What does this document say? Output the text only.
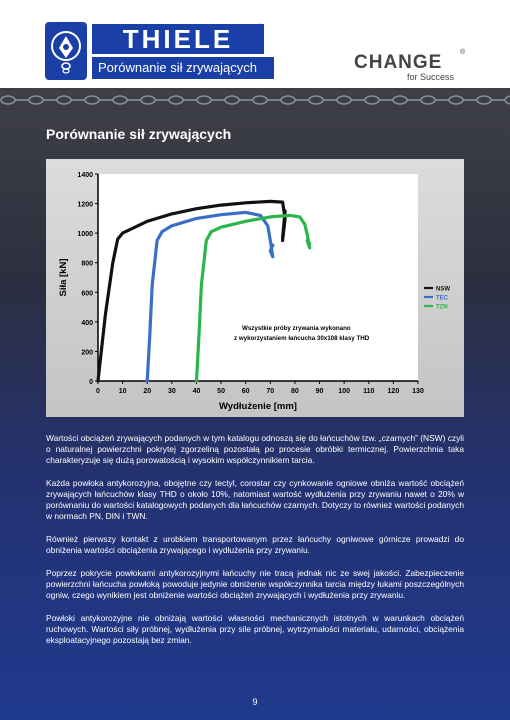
THIELE	®
Porównanie sił zrywających	CHANGE	®
for Success
Porównanie sił zrywających
0
200
400
600
800
1000
1200
1400
0	10 20 30 40 50 60 70 80 90 100 110 120 130
Wydłużenie [mm]
Siła [kN]	NSW
TEC
TZN
Wszystkie próby zrywania wykonano
z wykorzystaniem łańcucha 30x108 klasy THD

Wartości obciążeń zrywających podanych w tym katalogu odnoszą się do łańcuchów tzw. „czarnych” (NSW) czyli o naturalnej powierzchni pokrytej zgorzeliną pozostałą po procesie obróbki termicznej. Powierzchnia taka charakteryzuje się dużą porowatością i wysokim współczynnikiem tarcia.

Każda powłoka antykorozyjna, obojętne czy tectyl, corostar czy cynkowanie ogniowe obniża wartość obciążeń zrywających łańcuchów klasy THD o około 10%, natomiast wartość wydłużenia przy zrywaniu nawet o 20% w porównaniu do wartości katalogowych podanych dla łańcuchów czarnych. Dotyczy to również wartości podanych w normach PN, DIN i TWN.

Również pierwszy kontakt z urobkiem transportowanym przez łańcuchy ogniwowe górnicze prowadzi do obniżenia wartości obciążenia zrywającego i wydłużenia przy zrywaniu.

Poprzez pokrycie powłokami antykorozyjnymi łańcuchy nie tracą jednak nic ze swej jakości. Zabezpieczenie powierzchni łańcucha powłoką powoduje jedynie obniżenie współczynnika tarcia między łukami poszczególnych ogniw, czego wynikiem jest obniżenie wartości obciążeń zrywających i wydłużenia przy zrywaniu.

Powłoki antykorozyjne nie obniżają wartości własności mechanicznych istotnych w warunkach obciążeń ruchowych. Wartości siły próbnej, wydłużenia przy sile próbnej, wytrzymałości materiału, udarności, obciążenia eksploatacyjnego pozostają bez zmian.

9
